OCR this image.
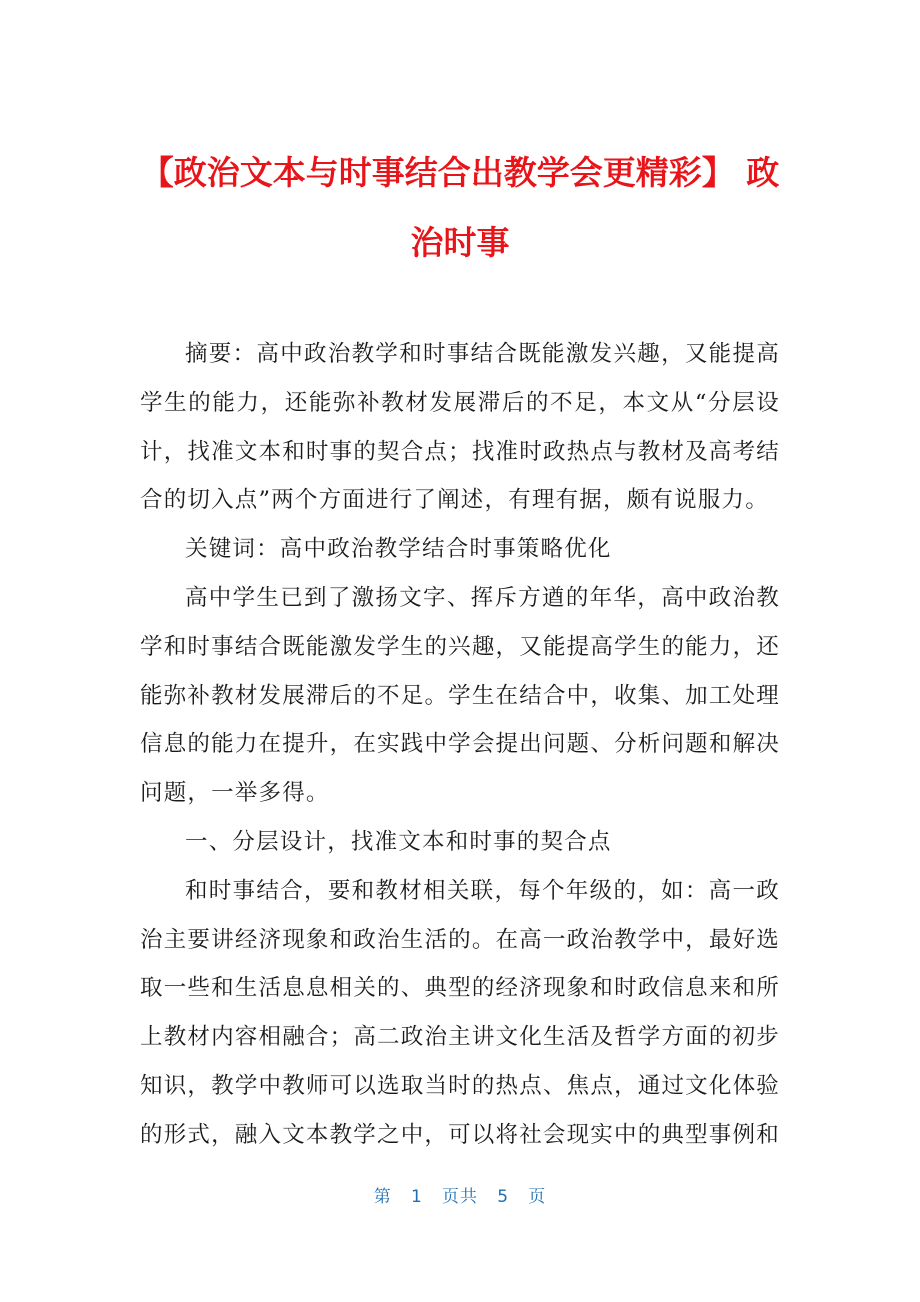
【政治文本与时事结合出教学会更精彩】 政
治时事

摘要：高中政治教学和时事结合既能激发兴趣，又能提高学生的能力，还能弥补教材发展滞后的不足，本文从“分层设计，找准文本和时事的契合点；找准时政热点与教材及高考结合的切入点”两个方面进行了阐述，有理有据，颇有说服力。

关键词：高中政治教学结合时事策略优化

高中学生已到了激扬文字、挥斥方遒的年华，高中政治教学和时事结合既能激发学生的兴趣，又能提高学生的能力，还能弥补教材发展滞后的不足。学生在结合中，收集、加工处理信息的能力在提升，在实践中学会提出问题、分析问题和解决问题，一举多得。

一、分层设计，找准文本和时事的契合点

和时事结合，要和教材相关联，每个年级的，如：高一政治主要讲经济现象和政治生活的。在高一政治教学中，最好选取一些和生活息息相关的、典型的经济现象和时政信息来和所上教材内容相融合；高二政治主讲文化生活及哲学方面的初步知识，教学中教师可以选取当时的热点、焦点，通过文化体验的形式，融入文本教学之中，可以将社会现实中的典型事例和

第 1 页共 5 页
